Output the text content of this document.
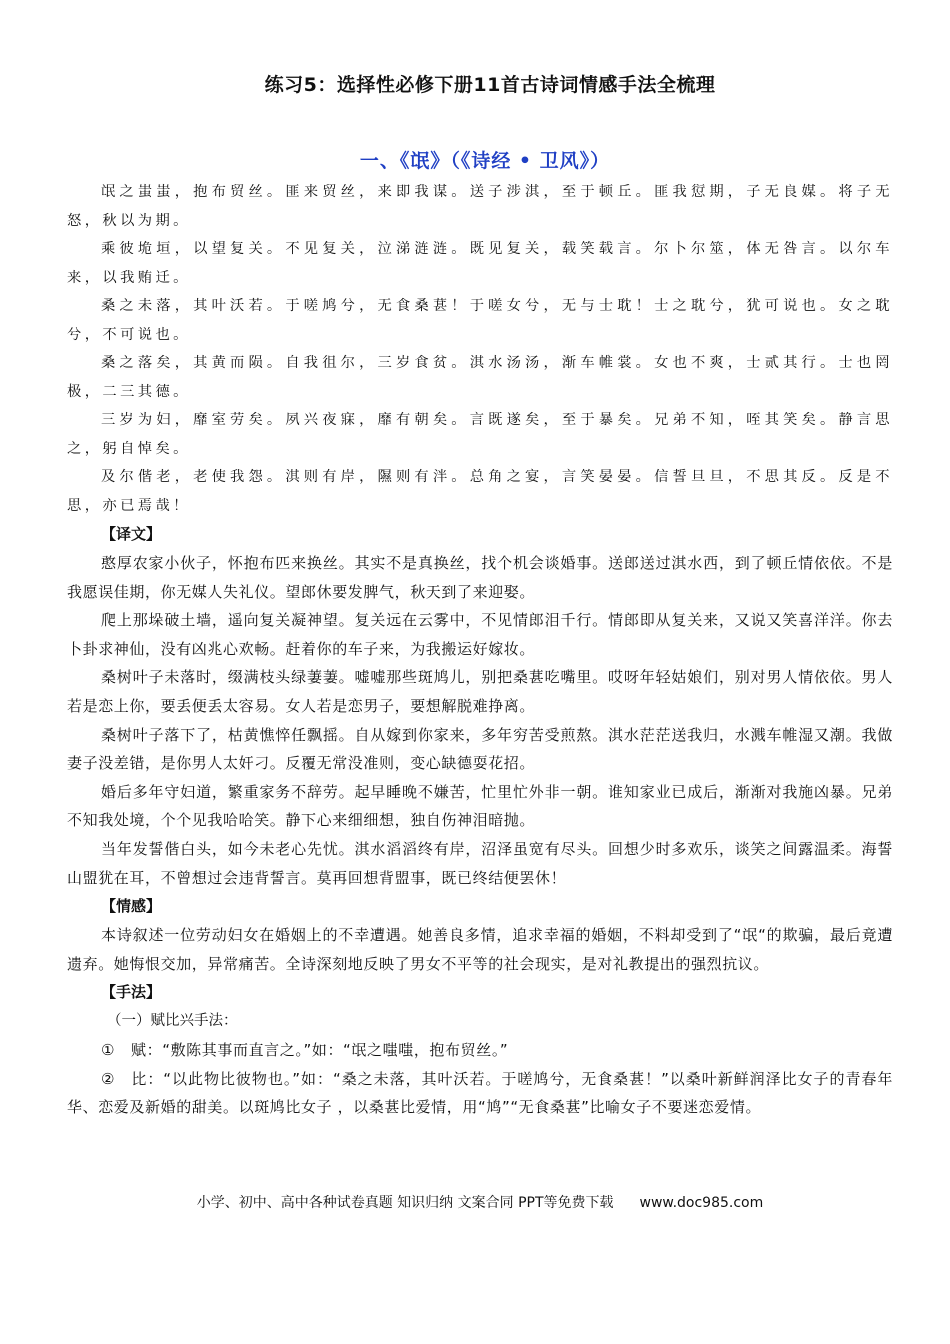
练习5：选择性必修下册11首古诗词情感手法全梳理
一、《氓》（《诗经 • 卫风》）

氓之蚩蚩，抱布贸丝。匪来贸丝，来即我谋。送子涉淇，至于顿丘。匪我愆期，子无良媒。将子无怒，秋以为期。

乘彼垝垣，以望复关。不见复关，泣涕涟涟。既见复关，载笑载言。尔卜尔筮，体无咎言。以尔车来，以我贿迁。

桑之未落，其叶沃若。于嗟鸠兮，无食桑葚！于嗟女兮，无与士耽！士之耽兮，犹可说也。女之耽兮，不可说也。

桑之落矣，其黄而陨。自我徂尔，三岁食贫。淇水汤汤，渐车帷裳。女也不爽，士贰其行。士也罔极，二三其德。

三岁为妇，靡室劳矣。夙兴夜寐，靡有朝矣。言既遂矣，至于暴矣。兄弟不知，咥其笑矣。静言思之，躬自悼矣。

及尔偕老，老使我怨。淇则有岸，隰则有泮。总角之宴，言笑晏晏。信誓旦旦，不思其反。反是不思，亦已焉哉！

【译文】

憨厚农家小伙子，怀抱布匹来换丝。其实不是真换丝，找个机会谈婚事。送郎送过淇水西，到了顿丘情依依。不是我愿误佳期，你无媒人失礼仪。望郎休要发脾气，秋天到了来迎娶。

爬上那垛破土墙，遥向复关凝神望。复关远在云雾中，不见情郎泪千行。情郎即从复关来，又说又笑喜洋洋。你去卜卦求神仙，没有凶兆心欢畅。赶着你的车子来，为我搬运好嫁妆。

桑树叶子未落时，缀满枝头绿萋萋。嘘嘘那些斑鸠儿，别把桑葚吃嘴里。哎呀年轻姑娘们，别对男人情依依。男人若是恋上你，要丢便丢太容易。女人若是恋男子，要想解脱难挣离。

桑树叶子落下了，枯黄憔悴任飘摇。自从嫁到你家来，多年穷苦受煎熬。淇水茫茫送我归，水溅车帷湿又潮。我做妻子没差错，是你男人太奸刁。反覆无常没准则，变心缺德耍花招。

婚后多年守妇道，繁重家务不辞劳。起早睡晚不嫌苦，忙里忙外非一朝。谁知家业已成后，渐渐对我施凶暴。兄弟不知我处境，个个见我哈哈笑。静下心来细细想，独自伤神泪暗抛。

当年发誓偕白头，如今未老心先忧。淇水滔滔终有岸，沼泽虽宽有尽头。回想少时多欢乐，谈笑之间露温柔。海誓山盟犹在耳，不曾想过会违背誓言。莫再回想背盟事，既已终结便罢休！

【情感】

本诗叙述一位劳动妇女在婚姻上的不幸遭遇。她善良多情，追求幸福的婚姻，不料却受到了“氓“的欺骗，最后竟遭遗弃。她悔恨交加，异常痛苦。全诗深刻地反映了男女不平等的社会现实，是对礼教提出的强烈抗议。

【手法】

（一）赋比兴手法：

① 赋：“敷陈其事而直言之。”如：“氓之嗤嗤，抱布贸丝。”

② 比：“以此物比彼物也。”如：“桑之未落，其叶沃若。于嗟鸠兮，无食桑葚！”以桑叶新鲜润泽比女子的青春年华、恋爱及新婚的甜美。以斑鸠比女子 ，以桑葚比爱情，用“鸠”“无食桑葚”比喻女子不要迷恋爱情。

小学、初中、高中各种试卷真题 知识归纳 文案合同 PPT等免费下载 www.doc985.com
